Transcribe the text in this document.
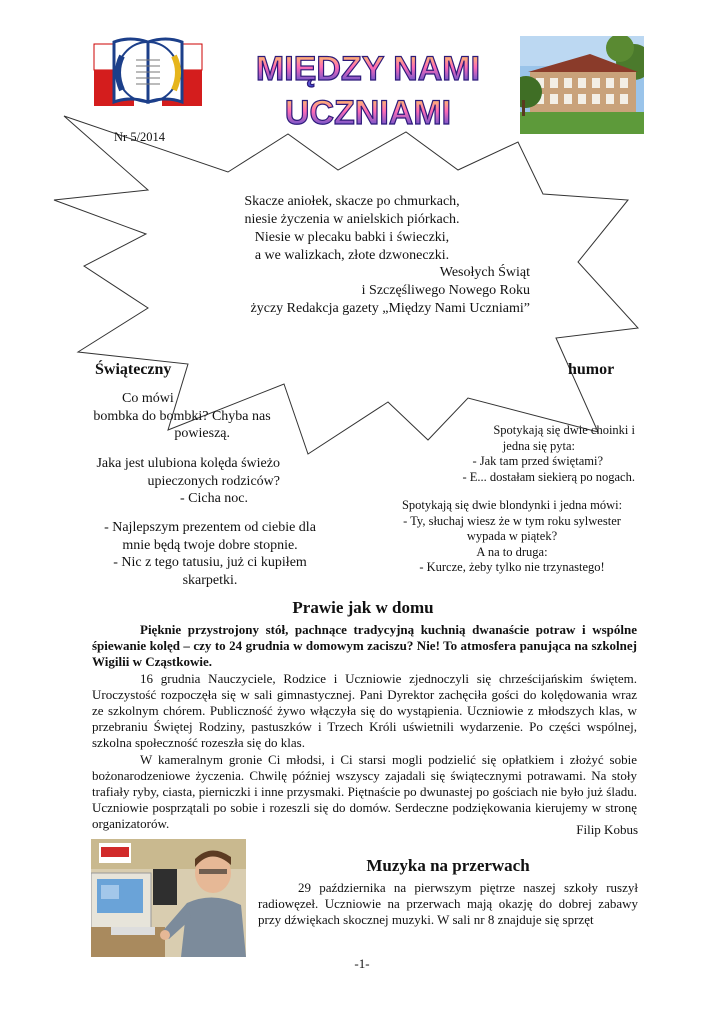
MIĘDZY NAMI
UCZNIAMI
Nr 5/2014
Skacze aniołek, skacze po chmurkach,
niesie życzenia w anielskich piórkach.
Niesie w plecaku babki i świeczki,
a we walizkach, złote dzwoneczki.
Wesołych Świąt
i Szczęśliwego Nowego Roku
życzy Redakcja gazety „Między Nami Uczniami”
Świąteczny	humor
Co mówi
bombka do bombki? Chyba nas
powieszą.
Jaka jest ulubiona kolęda świeżo
upieczonych rodziców?
- Cicha noc.
- Najlepszym prezentem od ciebie dla
mnie będą twoje dobre stopnie.
- Nic z tego tatusiu, już ci kupiłem
skarpetki.
Spotykają się dwie choinki i
jedna się pyta:
- Jak tam przed świętami?
- E... dostałam siekierą po nogach.
Spotykają się dwie blondynki i jedna mówi:
- Ty, słuchaj wiesz że w tym roku sylwester
wypada w piątek?
A na to druga:
- Kurcze, żeby tylko nie trzynastego!
Prawie jak w domu

Pięknie przystrojony stół, pachnące tradycyjną kuchnią dwanaście potraw i wspólne śpiewanie kolęd – czy to 24 grudnia w domowym zaciszu? Nie! To atmosfera panująca na szkolnej Wigilii w Cząstkowie.

16 grudnia Nauczyciele, Rodzice i Uczniowie zjednoczyli się chrześcijańskim świętem. Uroczystość rozpoczęła się w sali gimnastycznej. Pani Dyrektor zachęciła gości do kolędowania wraz ze szkolnym chórem. Publiczność żywo włączyła się do wystąpienia. Uczniowie z młodszych klas, w przebraniu Świętej Rodziny, pastuszków i Trzech Króli uświetnili wydarzenie. Po części wspólnej, szkolna społeczność rozeszła się do klas.

W kameralnym gronie Ci młodsi, i Ci starsi mogli podzielić się opłatkiem i złożyć sobie bożonarodzeniowe życzenia. Chwilę później wszyscy zajadali się świątecznymi potrawami. Na stoły trafiały ryby, ciasta, pierniczki i inne przysmaki. Piętnaście po dwunastej po gościach nie było już śladu. Uczniowie posprzątali po sobie i rozeszli się do domów. Serdeczne podziękowania kierujemy w stronę organizatorów.	Filip Kobus
Muzyka na przerwach

29 października na pierwszym piętrze naszej szkoły ruszył radiowęzeł. Uczniowie na przerwach mają okazję do dobrej zabawy przy dźwiękach skocznej muzyki. W sali nr 8 znajduje się sprzęt

-1-
